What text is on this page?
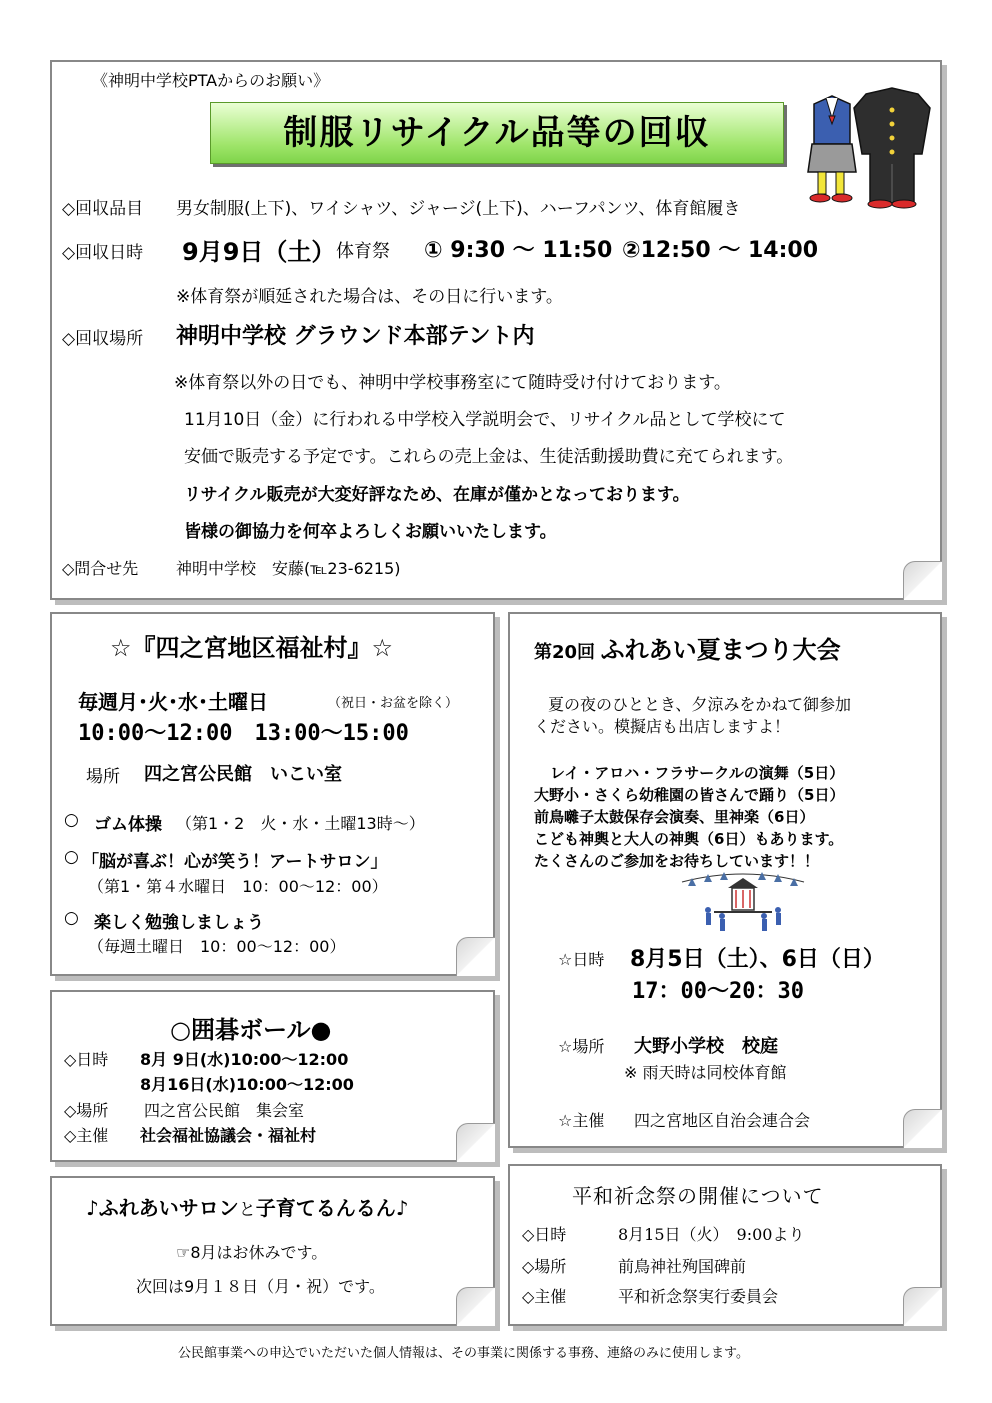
《神明中学校PTAからのお願い》
制服リサイクル品等の回収
◇回収品目 男女制服(上下)、ワイシャツ、ジャージ(上下)、ハーフパンツ、体育館履き
◇回収日時 9月9日（土） 体育祭 ① 9:30 ～ 11:50 ②12:50 ～ 14:00
※体育祭が順延された場合は、その日に行います。
◇回収場所 神明中学校 グラウンド本部テント内
※体育祭以外の日でも、神明中学校事務室にて随時受け付けております。
11月10日（金）に行われる中学校入学説明会で、リサイクル品として学校にて
安価で販売する予定です。これらの売上金は、生徒活動援助費に充てられます。
リサイクル販売が大変好評なため、在庫が僅かとなっております。
皆様の御協力を何卒よろしくお願いいたします。
◇問合せ先 神明中学校　安藤(℡23-6215)
☆『四之宮地区福祉村』☆
毎週月･火･水･土曜日	（祝日・お盆を除く）
10:00～12:00　13:00～15:00
場所 四之宮公民館　いこい室
○ ゴム体操 （第1・2　火・水・土曜13時～）
○ 「脳が喜ぶ！心が笑う！アートサロン」
（第1・第４水曜日　10：00～12：00）
○ 楽しく勉強しましょう
（毎週土曜日　10：00～12：00）
○囲碁ボール●
◇日時 8月 9日(水)10:00～12:00
8月16日(水)10:00～12:00
◇場所 四之宮公民館　集会室
◇主催 社会福祉協議会・福祉村
♪ふれあいサロンと子育てるんるん♪
☞8月はお休みです。
次回は9月１８日（月・祝）です。
第20回 ふれあい夏まつり大会
夏の夜のひととき、夕涼みをかねて御参加
ください。模擬店も出店しますよ！
レイ・アロハ・フラサークルの演舞（5日）
大野小・さくら幼稚園の皆さんで踊り（5日）
前鳥囃子太鼓保存会演奏、里神楽（6日）
こども神輿と大人の神輿（6日）もあります。
たくさんのご参加をお待ちしています！！
☆日時 8月5日（土）、6日（日）
17：00～20：30
☆場所 大野小学校　校庭
※ 雨天時は同校体育館
☆主催 四之宮地区自治会連合会
平和祈念祭の開催について
◇日時	8月15日（火）　9:00より
◇場所	前鳥神社殉国碑前
◇主催	平和祈念祭実行委員会
公民館事業への申込でいただいた個人情報は、その事業に関係する事務、連絡のみに使用します。
